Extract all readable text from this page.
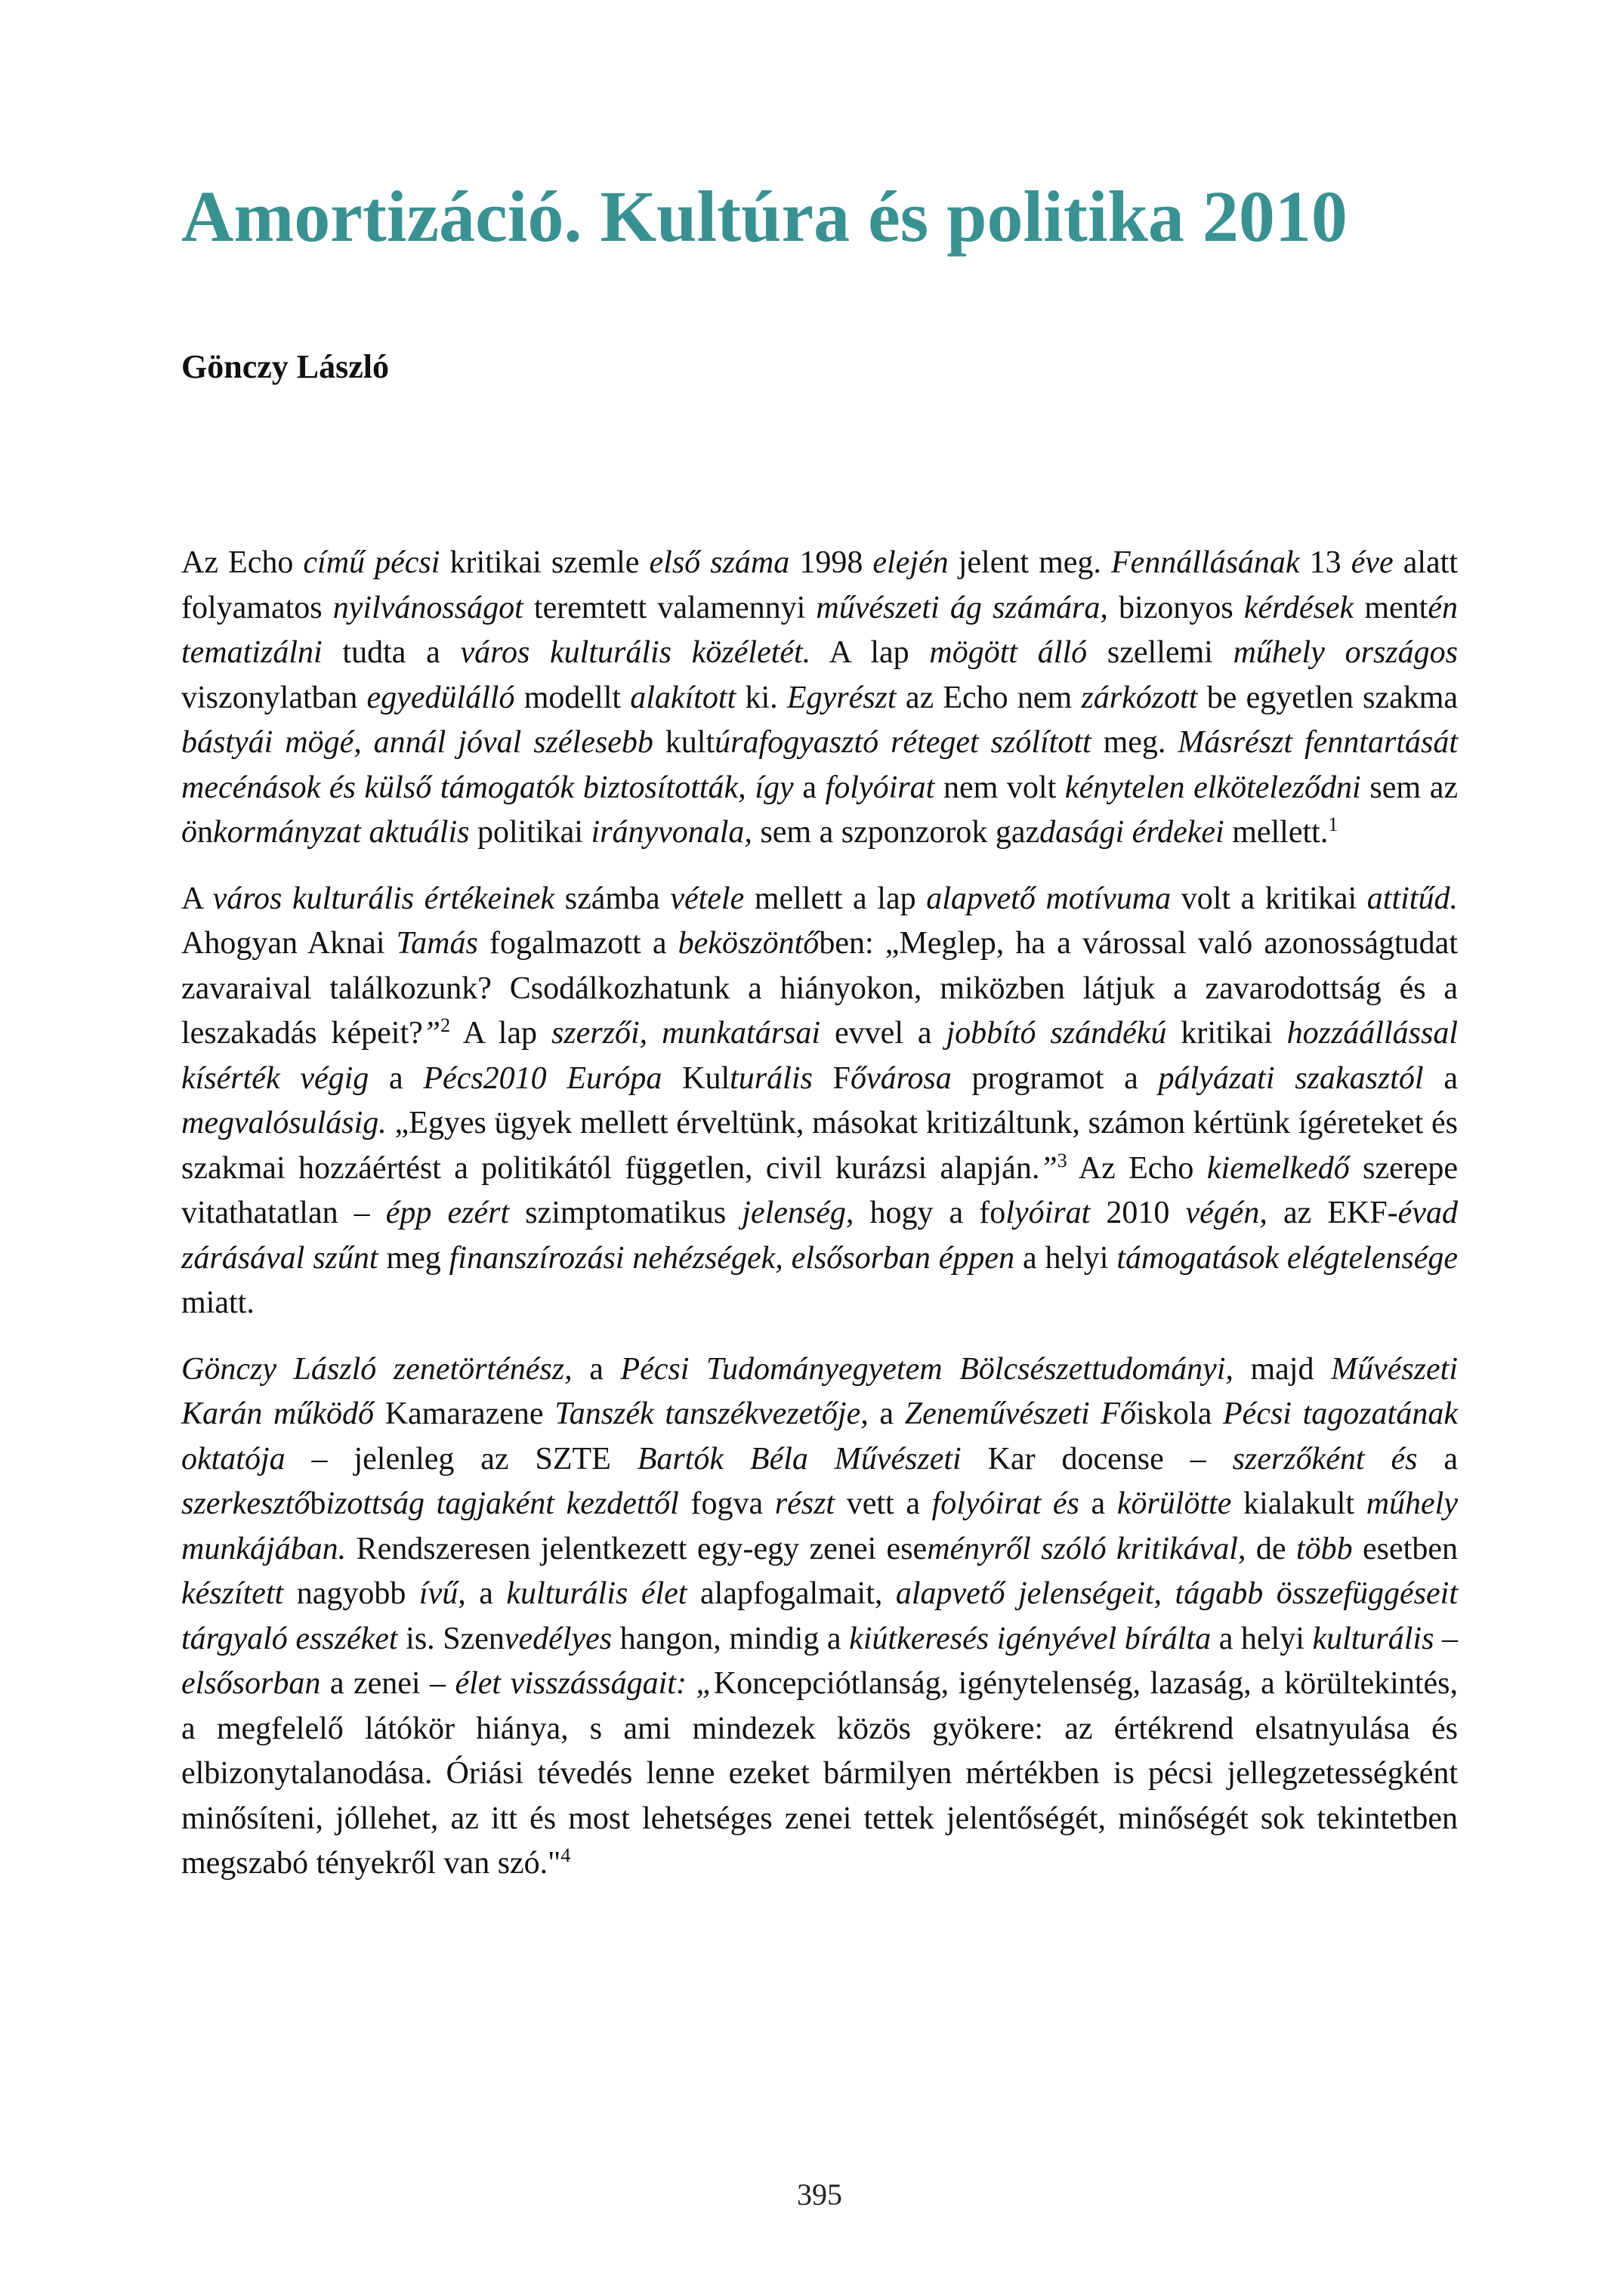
Amortizáció. Kultúra és politika 2010
Gönczy László

Az Echo című pécsi kritikai szemle első száma 1998 elején jelent meg. Fennállásának 13 éve alatt folyamatos nyilvánosságot teremtett valamennyi művészeti ág számára, bizonyos kérdések mentén tematizálni tudta a város kulturális közéletét. A lap mögött álló szellemi műhely országos viszonylatban egyedülálló modellt alakított ki. Egyrészt az Echo nem zárkózott be egyetlen szakma bástyái mögé, annál jóval szélesebb kultúrafogyasztó réteget szólított meg. Másrészt fenntartását mecénások és külső támogatók biztosították, így a folyóirat nem volt kénytelen elköteleződni sem az önkormányzat aktuális politikai irányvonala, sem a szponzorok gazdasági érdekei mellett.$^1$

A város kulturális értékeinek számba vétele mellett a lap alapvető motívuma volt a kritikai attitűd. Ahogyan Aknai Tamás fogalmazott a beköszöntőben: „Meglep, ha a várossal való azonosságtudat zavaraival találkozunk? Csodálkozhatunk a hiányokon, miközben látjuk a zavarodottság és a leszakadás képeit?”$^2$ A lap szerzői, munkatársai evvel a jobbító szándékú kritikai hozzáállással kísérték végig a Pécs2010 Európa Kulturális Fővárosa programot a pályázati szakasztól a megvalósulásig. „Egyes ügyek mellett érveltünk, másokat kritizáltunk, számon kértünk ígéreteket és szakmai hozzáértést a politikától független, civil kurázsi alapján.”$^3$ Az Echo kiemelkedő szerepe vitathatatlan – épp ezért szimptomatikus jelenség, hogy a folyóirat 2010 végén, az EKF-évad zárásával szűnt meg finanszírozási nehézségek, elsősorban éppen a helyi támogatások elégtelensége miatt.

Gönczy László zenetörténész, a Pécsi Tudományegyetem Bölcsészettudományi, majd Művészeti Karán működő Kamarazene Tanszék tanszékvezetője, a Zeneművészeti Főiskola Pécsi tagozatának oktatója – jelenleg az SZTE Bartók Béla Művészeti Kar docense – szerzőként és a szerkesztőbizottság tagjaként kezdettől fogva részt vett a folyóirat és a körülötte kialakult műhely munkájában. Rendszeresen jelentkezett egy-egy zenei eseményről szóló kritikával, de több esetben készített nagyobb ívű, a kulturális élet alapfogalmait, alapvető jelenségeit, tágabb összefüggéseit tárgyaló esszéket is. Szenvedélyes hangon, mindig a kiútkeresés igényével bírálta a helyi kulturális – elsősorban a zenei – élet visszásságait: „Koncepciótlanság, igénytelenség, lazaság, a körültekintés, a megfelelő látókör hiánya, s ami mindezek közös gyökere: az értékrend elsatnyulása és elbizonytalanodása. Óriási tévedés lenne ezeket bármilyen mértékben is pécsi jellegzetességként minősíteni, jóllehet, az itt és most lehetséges zenei tettek jelentőségét, minőségét sok tekintetben megszabó tényekről van szó."$^4$

395
